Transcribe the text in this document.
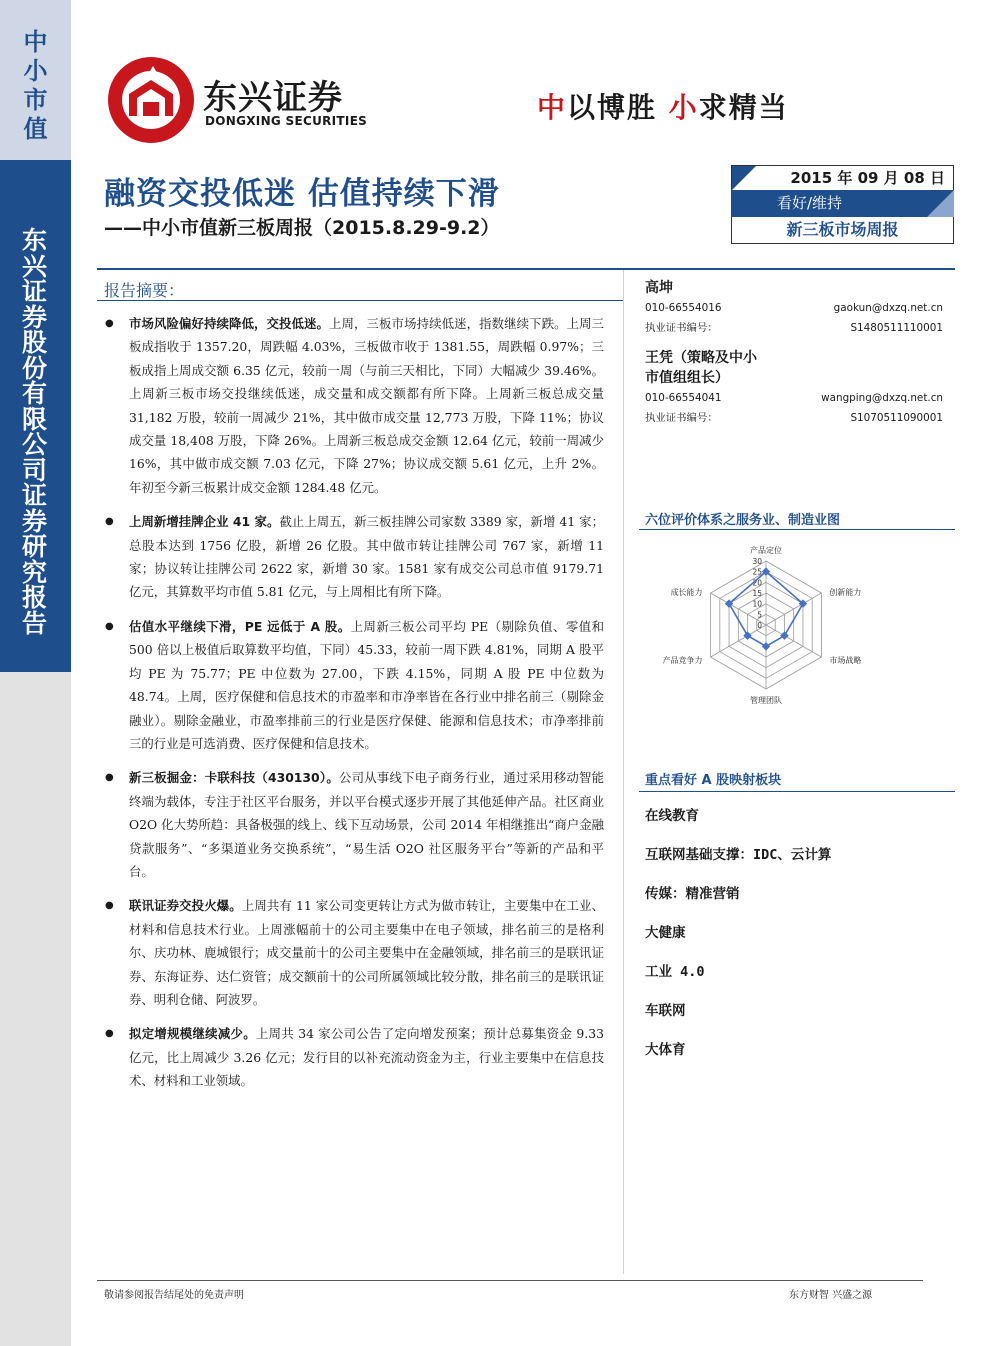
中
小
市
值
东
兴
证
券
股
份
有
限
公
司
证
券
研
究
报
告
东兴证券
DONGXING SECURITIES	中以博胜 小求精当
融资交投低迷 估值持续下滑
——中小市值新三板周报（2015.8.29-9.2）
2015 年 09 月 08 日
看好/维持
新三板市场周报
报告摘要：
● 市场风险偏好持续降低，交投低迷。上周，三板市场持续低迷，指数继续下跌。上周三板成指收于 1357.20，周跌幅 4.03%，三板做市收于 1381.55，周跌幅 0.97%；三板成指上周成交额 6.35 亿元，较前一周（与前三天相比，下同）大幅减少 39.46%。上周新三板市场交投继续低迷，成交量和成交额都有所下降。上周新三板总成交量 31,182 万股，较前一周减少 21%，其中做市成交量 12,773 万股，下降 11%；协议成交量 18,408 万股，下降 26%。上周新三板总成交金额 12.64 亿元，较前一周减少 16%，其中做市成交额 7.03 亿元，下降 27%；协议成交额 5.61 亿元，上升 2%。年初至今新三板累计成交金额 1284.48 亿元。
● 上周新增挂牌企业 41 家。截止上周五，新三板挂牌公司家数 3389 家，新增 41 家；总股本达到 1756 亿股，新增 26 亿股。其中做市转让挂牌公司 767 家，新增 11 家；协议转让挂牌公司 2622 家，新增 30 家。1581 家有成交公司总市值 9179.71 亿元，其算数平均市值 5.81 亿元，与上周相比有所下降。
● 估值水平继续下滑，PE 远低于 A 股。上周新三板公司平均 PE（剔除负值、零值和 500 倍以上极值后取算数平均值，下同）45.33，较前一周下跌 4.81%，同期 A 股平均 PE 为 75.77；PE 中位数为 27.00，下跌 4.15%，同期 A 股 PE 中位数为 48.74。上周，医疗保健和信息技术的市盈率和市净率皆在各行业中排名前三（剔除金融业）。剔除金融业，市盈率排前三的行业是医疗保健、能源和信息技术；市净率排前三的行业是可选消费、医疗保健和信息技术。
● 新三板掘金：卡联科技（430130）。公司从事线下电子商务行业，通过采用移动智能终端为载体，专注于社区平台服务，并以平台模式逐步开展了其他延伸产品。社区商业 O2O 化大势所趋：具备极强的线上、线下互动场景，公司 2014 年相继推出“商户金融贷款服务”、“多渠道业务交换系统”，“易生活 O2O 社区服务平台”等新的产品和平台。
● 联讯证券交投火爆。上周共有 11 家公司变更转让方式为做市转让，主要集中在工业、材料和信息技术行业。上周涨幅前十的公司主要集中在电子领域，排名前三的是格利尔、庆功林、鹿城银行；成交量前十的公司主要集中在金融领域，排名前三的是联讯证券、东海证券、达仁资管；成交额前十的公司所属领域比较分散，排名前三的是联讯证券、明利仓储、阿波罗。
● 拟定增规模继续减少。上周共 34 家公司公告了定向增发预案；预计总募集资金 9.33 亿元，比上周减少 3.26 亿元；发行目的以补充流动资金为主，行业主要集中在信息技术、材料和工业领域。
高坤
010-66554016	gaokun@dxzq.net.cn
执业证书编号：	S1480511110001
王凭（策略及中小市值组组长）
010-66554041	wangping@dxzq.net.cn
执业证书编号：	S1070511090001
六位评价体系之服务业、制造业图
30
25
20
15
10
5
0
产品定位
创新能力
市场战略
管理团队
产品竞争力
成长能力
重点看好 A 股映射板块
在线教育
互联网基础支撑：IDC、云计算
传媒：精准营销
大健康
工业 4.0
车联网
大体育
敬请参阅报告结尾处的免责声明	东方财智 兴盛之源
